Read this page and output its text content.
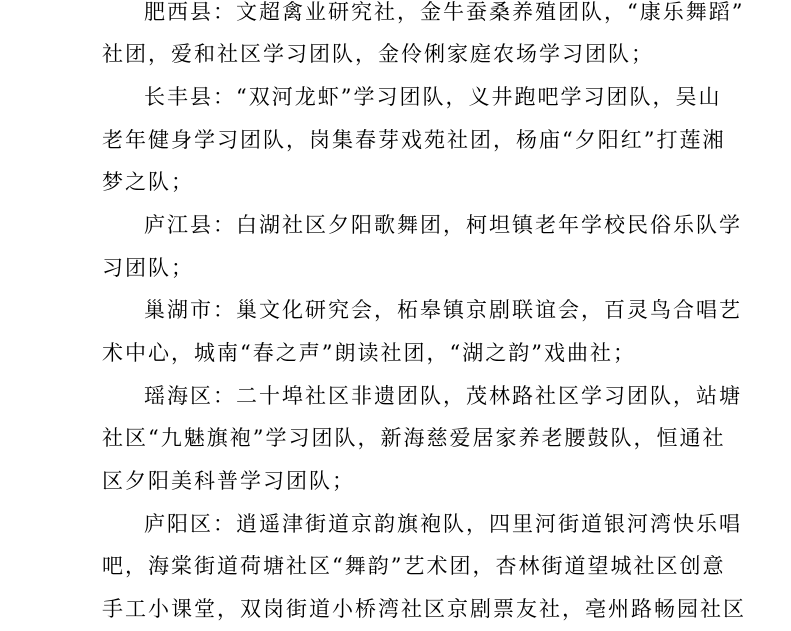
肥西县：文超禽业研究社，金牛蚕桑养殖团队，“康乐舞蹈”
社团，爱和社区学习团队，金伶俐家庭农场学习团队；
长丰县：“双河龙虾”学习团队，义井跑吧学习团队，吴山
老年健身学习团队，岗集春芽戏苑社团，杨庙“夕阳红”打莲湘
梦之队；
庐江县：白湖社区夕阳歌舞团，柯坦镇老年学校民俗乐队学
习团队；
巢湖市：巢文化研究会，柘皋镇京剧联谊会，百灵鸟合唱艺
术中心，城南“春之声”朗读社团，“湖之韵”戏曲社；
瑶海区：二十埠社区非遗团队，茂林路社区学习团队，站塘
社区“九魅旗袍”学习团队，新海慈爱居家养老腰鼓队，恒通社
区夕阳美科普学习团队；
庐阳区：逍遥津街道京韵旗袍队，四里河街道银河湾快乐唱
吧，海棠街道荷塘社区“舞韵”艺术团，杏林街道望城社区创意
手工小课堂，双岗街道小桥湾社区京剧票友社，亳州路畅园社区
